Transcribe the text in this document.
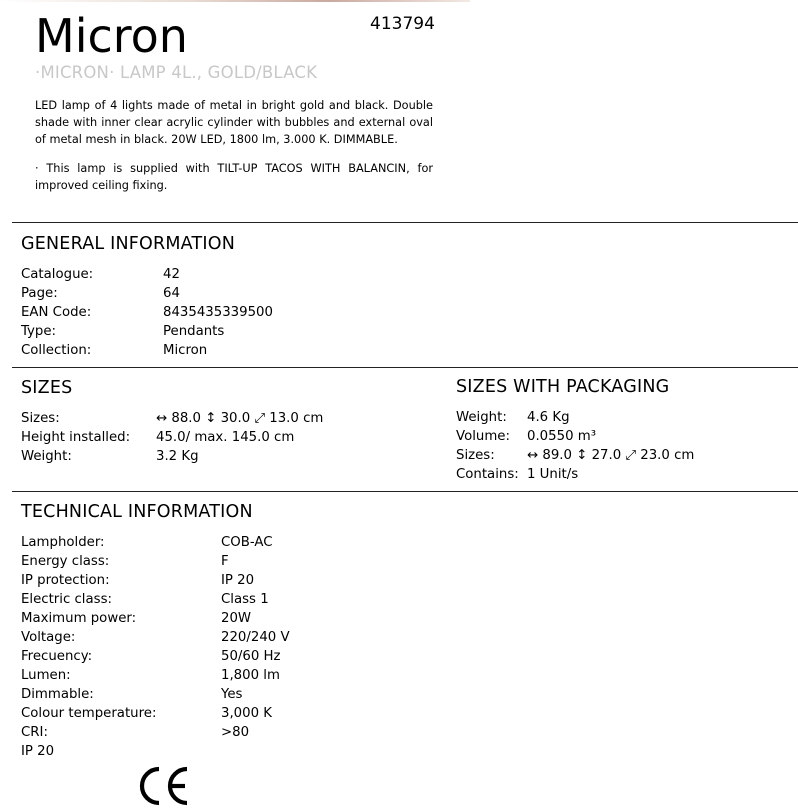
Micron	413794
·MICRON· LAMP 4L., GOLD/BLACK
LED lamp of 4 lights made of metal in bright gold and black. Double shade with inner clear acrylic cylinder with bubbles and external oval of metal mesh in black. 20W LED, 1800 lm, 3.000 K. DIMMABLE.
· This lamp is supplied with TILT-UP TACOS WITH BALANCIN, for improved ceiling fixing.
GENERAL INFORMATION
Catalogue:	42
Page:	64
EAN Code:	8435435339500
Type:	Pendants
Collection:	Micron
SIZES	SIZES WITH PACKAGING
Sizes:	↔ 88.0 ↕ 30.0 ⤢ 13.0 cm
Height installed: 45.0/ max. 145.0 cm
Weight:	3.2 Kg
Weight: 4.6 Kg
Volume: 0.0550 m³
Sizes: ↔ 89.0 ↕ 27.0 ⤢ 23.0 cm
Contains: 1 Unit/s
TECHNICAL INFORMATION
Lampholder:	COB-AC
Energy class:	F
IP protection:	IP 20
Electric class:	Class 1
Maximum power:	20W
Voltage:	220/240 V
Frecuency:	50/60 Hz
Lumen:	1,800 lm
Dimmable:	Yes
Colour temperature:	3,000 K
CRI:	>80
IP 20
